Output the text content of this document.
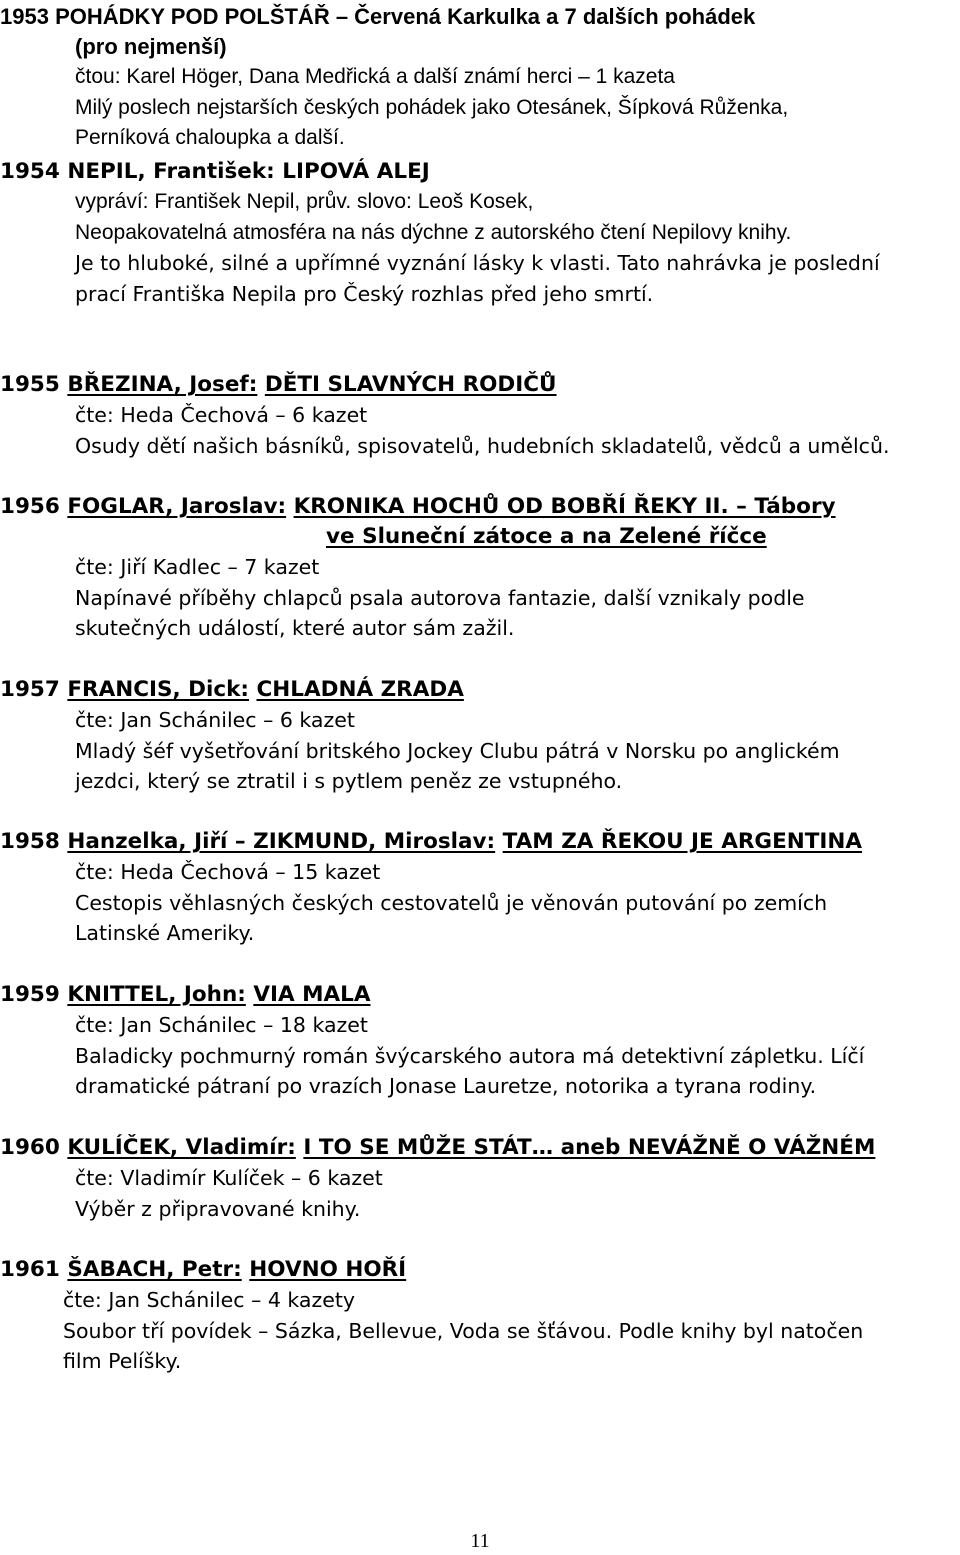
1953 POHÁDKY POD POLŠTÁŘ – Červená Karkulka a 7 dalších pohádek
(pro nejmenší)
čtou: Karel Höger, Dana Medřická a další známí herci – 1 kazeta
Milý poslech nejstarších českých pohádek jako Otesánek, Šípková Růženka,
Perníková chaloupka a další.
1954 NEPIL, František: LIPOVÁ ALEJ
vypráví: František Nepil, prův. slovo: Leoš Kosek,
Neopakovatelná atmosféra na nás dýchne z autorského čtení Nepilovy knihy.
Je to hluboké, silné a upřímné vyznání lásky k vlasti. Tato nahrávka je poslední
prací Františka Nepila pro Český rozhlas před jeho smrtí.
1955 BŘEZINA, Josef: DĚTI SLAVNÝCH RODIČŮ
čte: Heda Čechová – 6 kazet
Osudy dětí našich básníků, spisovatelů, hudebních skladatelů, vědců a umělců.
1956 FOGLAR, Jaroslav: KRONIKA HOCHŮ OD BOBŘÍ ŘEKY II. – Tábory
ve Sluneční zátoce a na Zelené říčce
čte: Jiří Kadlec – 7 kazet
Napínavé příběhy chlapců psala autorova fantazie, další vznikaly podle
skutečných událostí, které autor sám zažil.
1957 FRANCIS, Dick: CHLADNÁ ZRADA
čte: Jan Schánilec – 6 kazet
Mladý šéf vyšetřování britského Jockey Clubu pátrá v Norsku po anglickém
jezdci, který se ztratil i s pytlem peněz ze vstupného.
1958 Hanzelka, Jiří – ZIKMUND, Miroslav: TAM ZA ŘEKOU JE ARGENTINA
čte: Heda Čechová – 15 kazet
Cestopis věhlasných českých cestovatelů je věnován putování po zemích
Latinské Ameriky.
1959 KNITTEL, John: VIA MALA
čte: Jan Schánilec – 18 kazet
Baladicky pochmurný román švýcarského autora má detektivní zápletku. Líčí
dramatické pátraní po vrazích Jonase Lauretze, notorika a tyrana rodiny.
1960 KULÍČEK, Vladimír: I TO SE MŮŽE STÁT… aneb NEVÁŽNĚ O VÁŽNÉM
čte: Vladimír Kulíček – 6 kazet
Výběr z připravované knihy.
1961 ŠABACH, Petr: HOVNO HOŘÍ
čte: Jan Schánilec – 4 kazety
Soubor tří povídek – Sázka, Bellevue, Voda se šťávou. Podle knihy byl natočen
film Pelíšky.
11
